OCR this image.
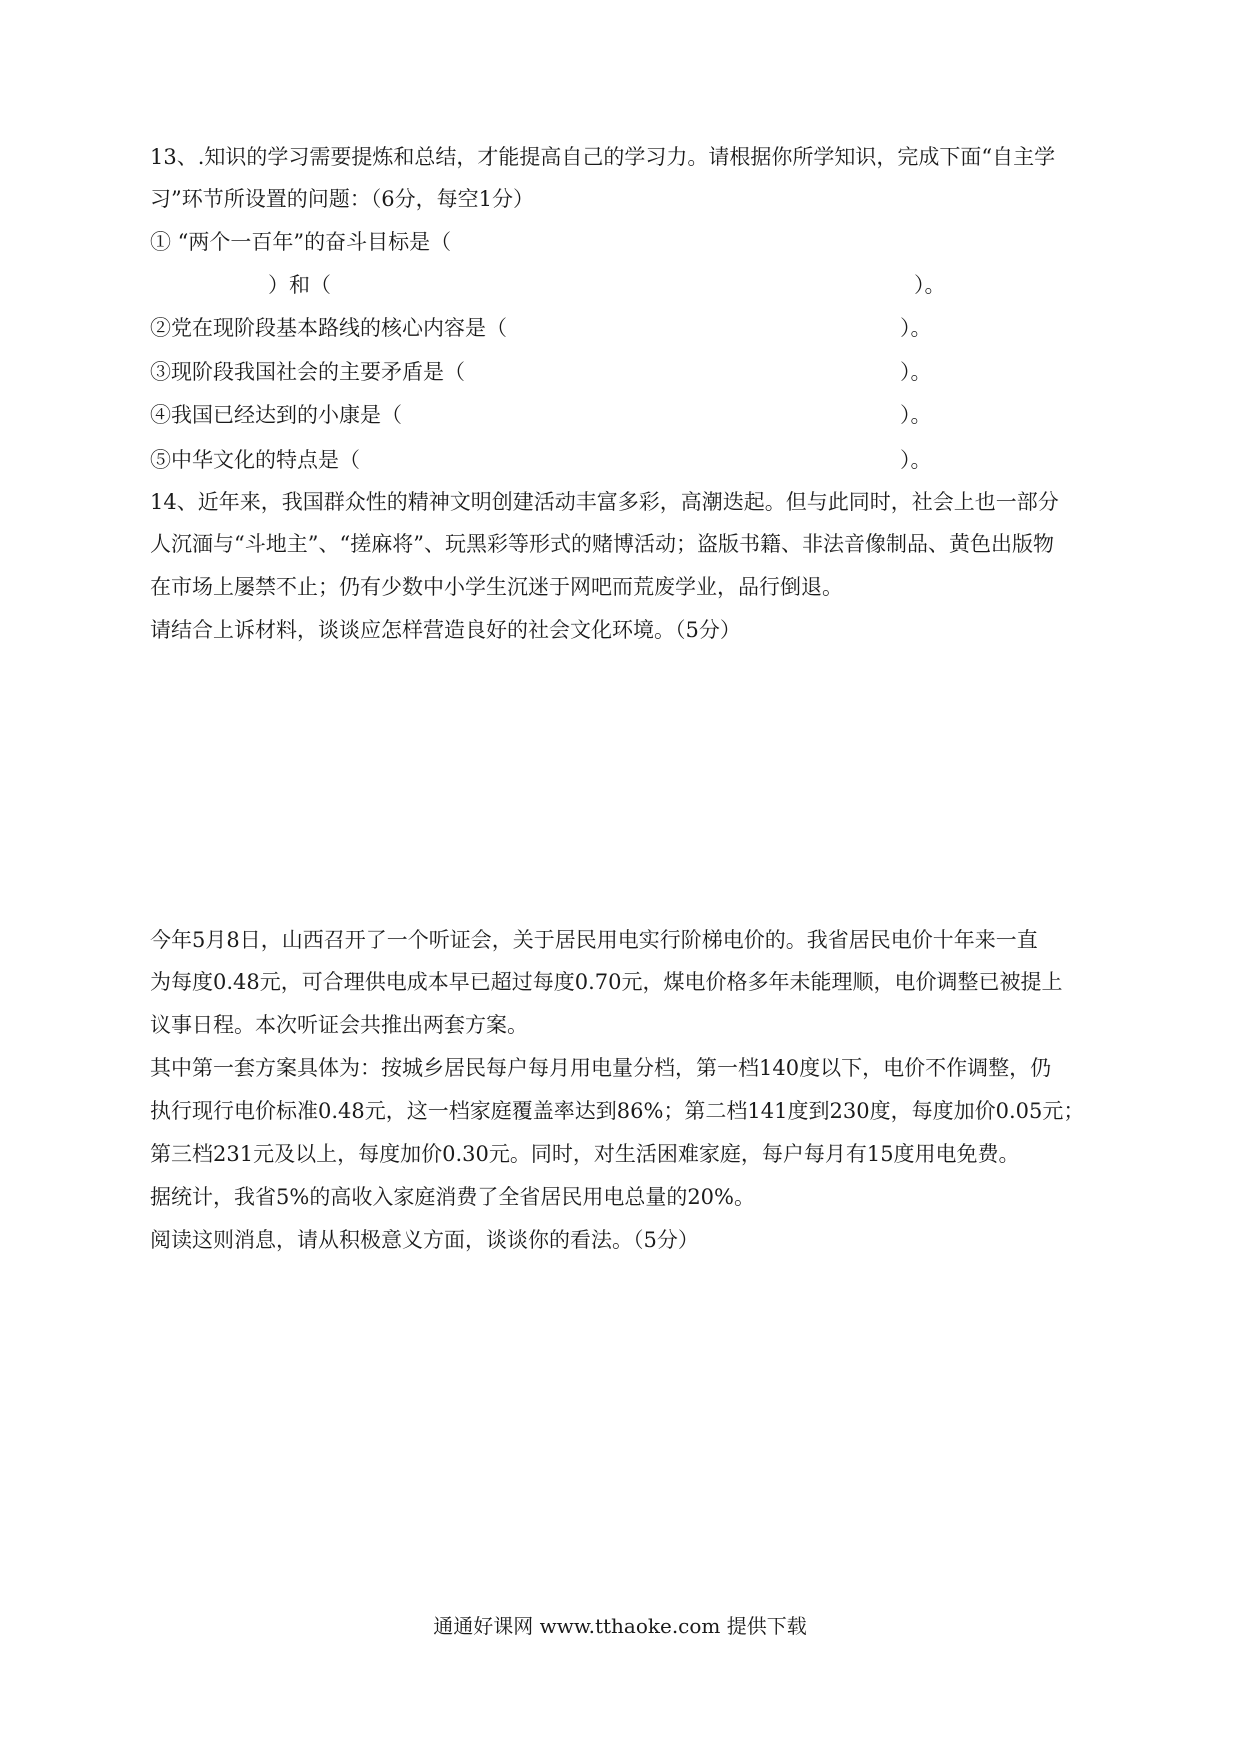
13、.知识的学习需要提炼和总结，才能提高自己的学习力。请根据你所学知识，完成下面“自主学
习”环节所设置的问题：（6分，每空1分）
① “两个一百年”的奋斗目标是（
）和（	）。
②党在现阶段基本路线的核心内容是（	）。
③现阶段我国社会的主要矛盾是（	）。
④我国已经达到的小康是（	）。
⑤中华文化的特点是（	）。
14、近年来，我国群众性的精神文明创建活动丰富多彩，高潮迭起。但与此同时，社会上也一部分
人沉湎与“斗地主”、“搓麻将”、玩黑彩等形式的赌博活动；盗版书籍、非法音像制品、黄色出版物
在市场上屡禁不止；仍有少数中小学生沉迷于网吧而荒废学业，品行倒退。
请结合上诉材料，谈谈应怎样营造良好的社会文化环境。（5分）
今年5月8日，山西召开了一个听证会，关于居民用电实行阶梯电价的。我省居民电价十年来一直
为每度0.48元，可合理供电成本早已超过每度0.70元，煤电价格多年未能理顺，电价调整已被提上
议事日程。本次听证会共推出两套方案。
其中第一套方案具体为：按城乡居民每户每月用电量分档，第一档140度以下，电价不作调整，仍
执行现行电价标准0.48元，这一档家庭覆盖率达到86%；第二档141度到230度，每度加价0.05元；
第三档231元及以上，每度加价0.30元。同时，对生活困难家庭，每户每月有15度用电免费。
据统计，我省5%的高收入家庭消费了全省居民用电总量的20%。
阅读这则消息，请从积极意义方面，谈谈你的看法。（5分）
通通好课网 www.tthaoke.com 提供下载
